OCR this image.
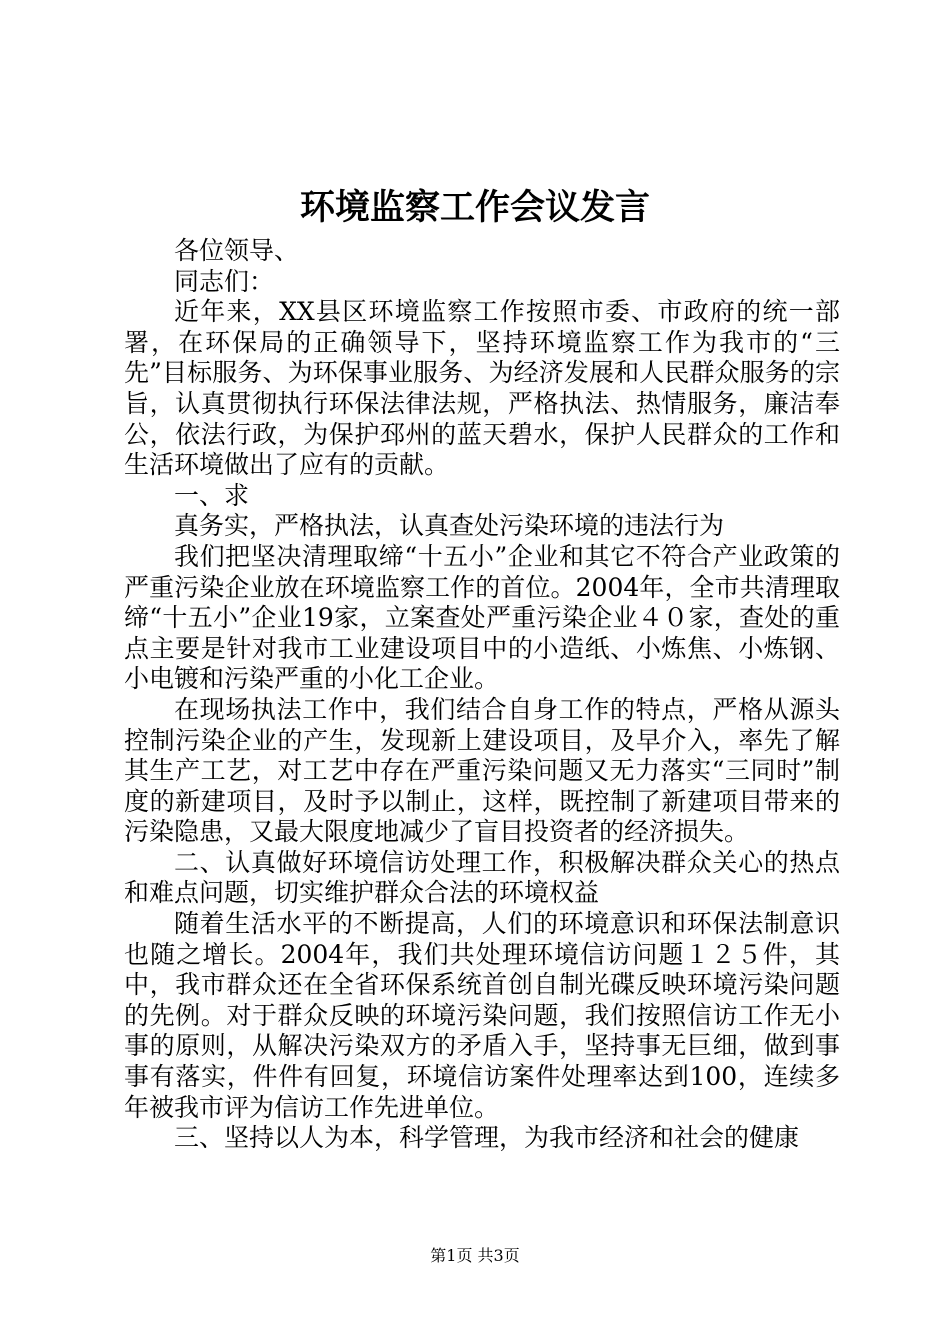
环境监察工作会议发言

各位领导、

同志们：

近年来，XX县区环境监察工作按照市委、市政府的统一部署，在环保局的正确领导下，坚持环境监察工作为我市的“三先”目标服务、为环保事业服务、为经济发展和人民群众服务的宗旨，认真贯彻执行环保法律法规，严格执法、热情服务，廉洁奉公，依法行政，为保护邳州的蓝天碧水，保护人民群众的工作和生活环境做出了应有的贡献。

一、求

真务实，严格执法，认真查处污染环境的违法行为

我们把坚决清理取缔“十五小”企业和其它不符合产业政策的严重污染企业放在环境监察工作的首位。2004年，全市共清理取缔“十五小”企业19家，立案查处严重污染企业４０家，查处的重点主要是针对我市工业建设项目中的小造纸、小炼焦、小炼钢、小电镀和污染严重的小化工企业。

在现场执法工作中，我们结合自身工作的特点，严格从源头控制污染企业的产生，发现新上建设项目，及早介入，率先了解其生产工艺，对工艺中存在严重污染问题又无力落实“三同时”制度的新建项目，及时予以制止，这样，既控制了新建项目带来的污染隐患，又最大限度地减少了盲目投资者的经济损失。

二、认真做好环境信访处理工作，积极解决群众关心的热点和难点问题，切实维护群众合法的环境权益

随着生活水平的不断提高，人们的环境意识和环保法制意识也随之增长。2004年，我们共处理环境信访问题１２５件，其中，我市群众还在全省环保系统首创自制光碟反映环境污染问题的先例。对于群众反映的环境污染问题，我们按照信访工作无小事的原则，从解决污染双方的矛盾入手，坚持事无巨细，做到事事有落实，件件有回复，环境信访案件处理率达到100，连续多年被我市评为信访工作先进单位。

三、坚持以人为本，科学管理，为我市经济和社会的健康

第1页 共3页
